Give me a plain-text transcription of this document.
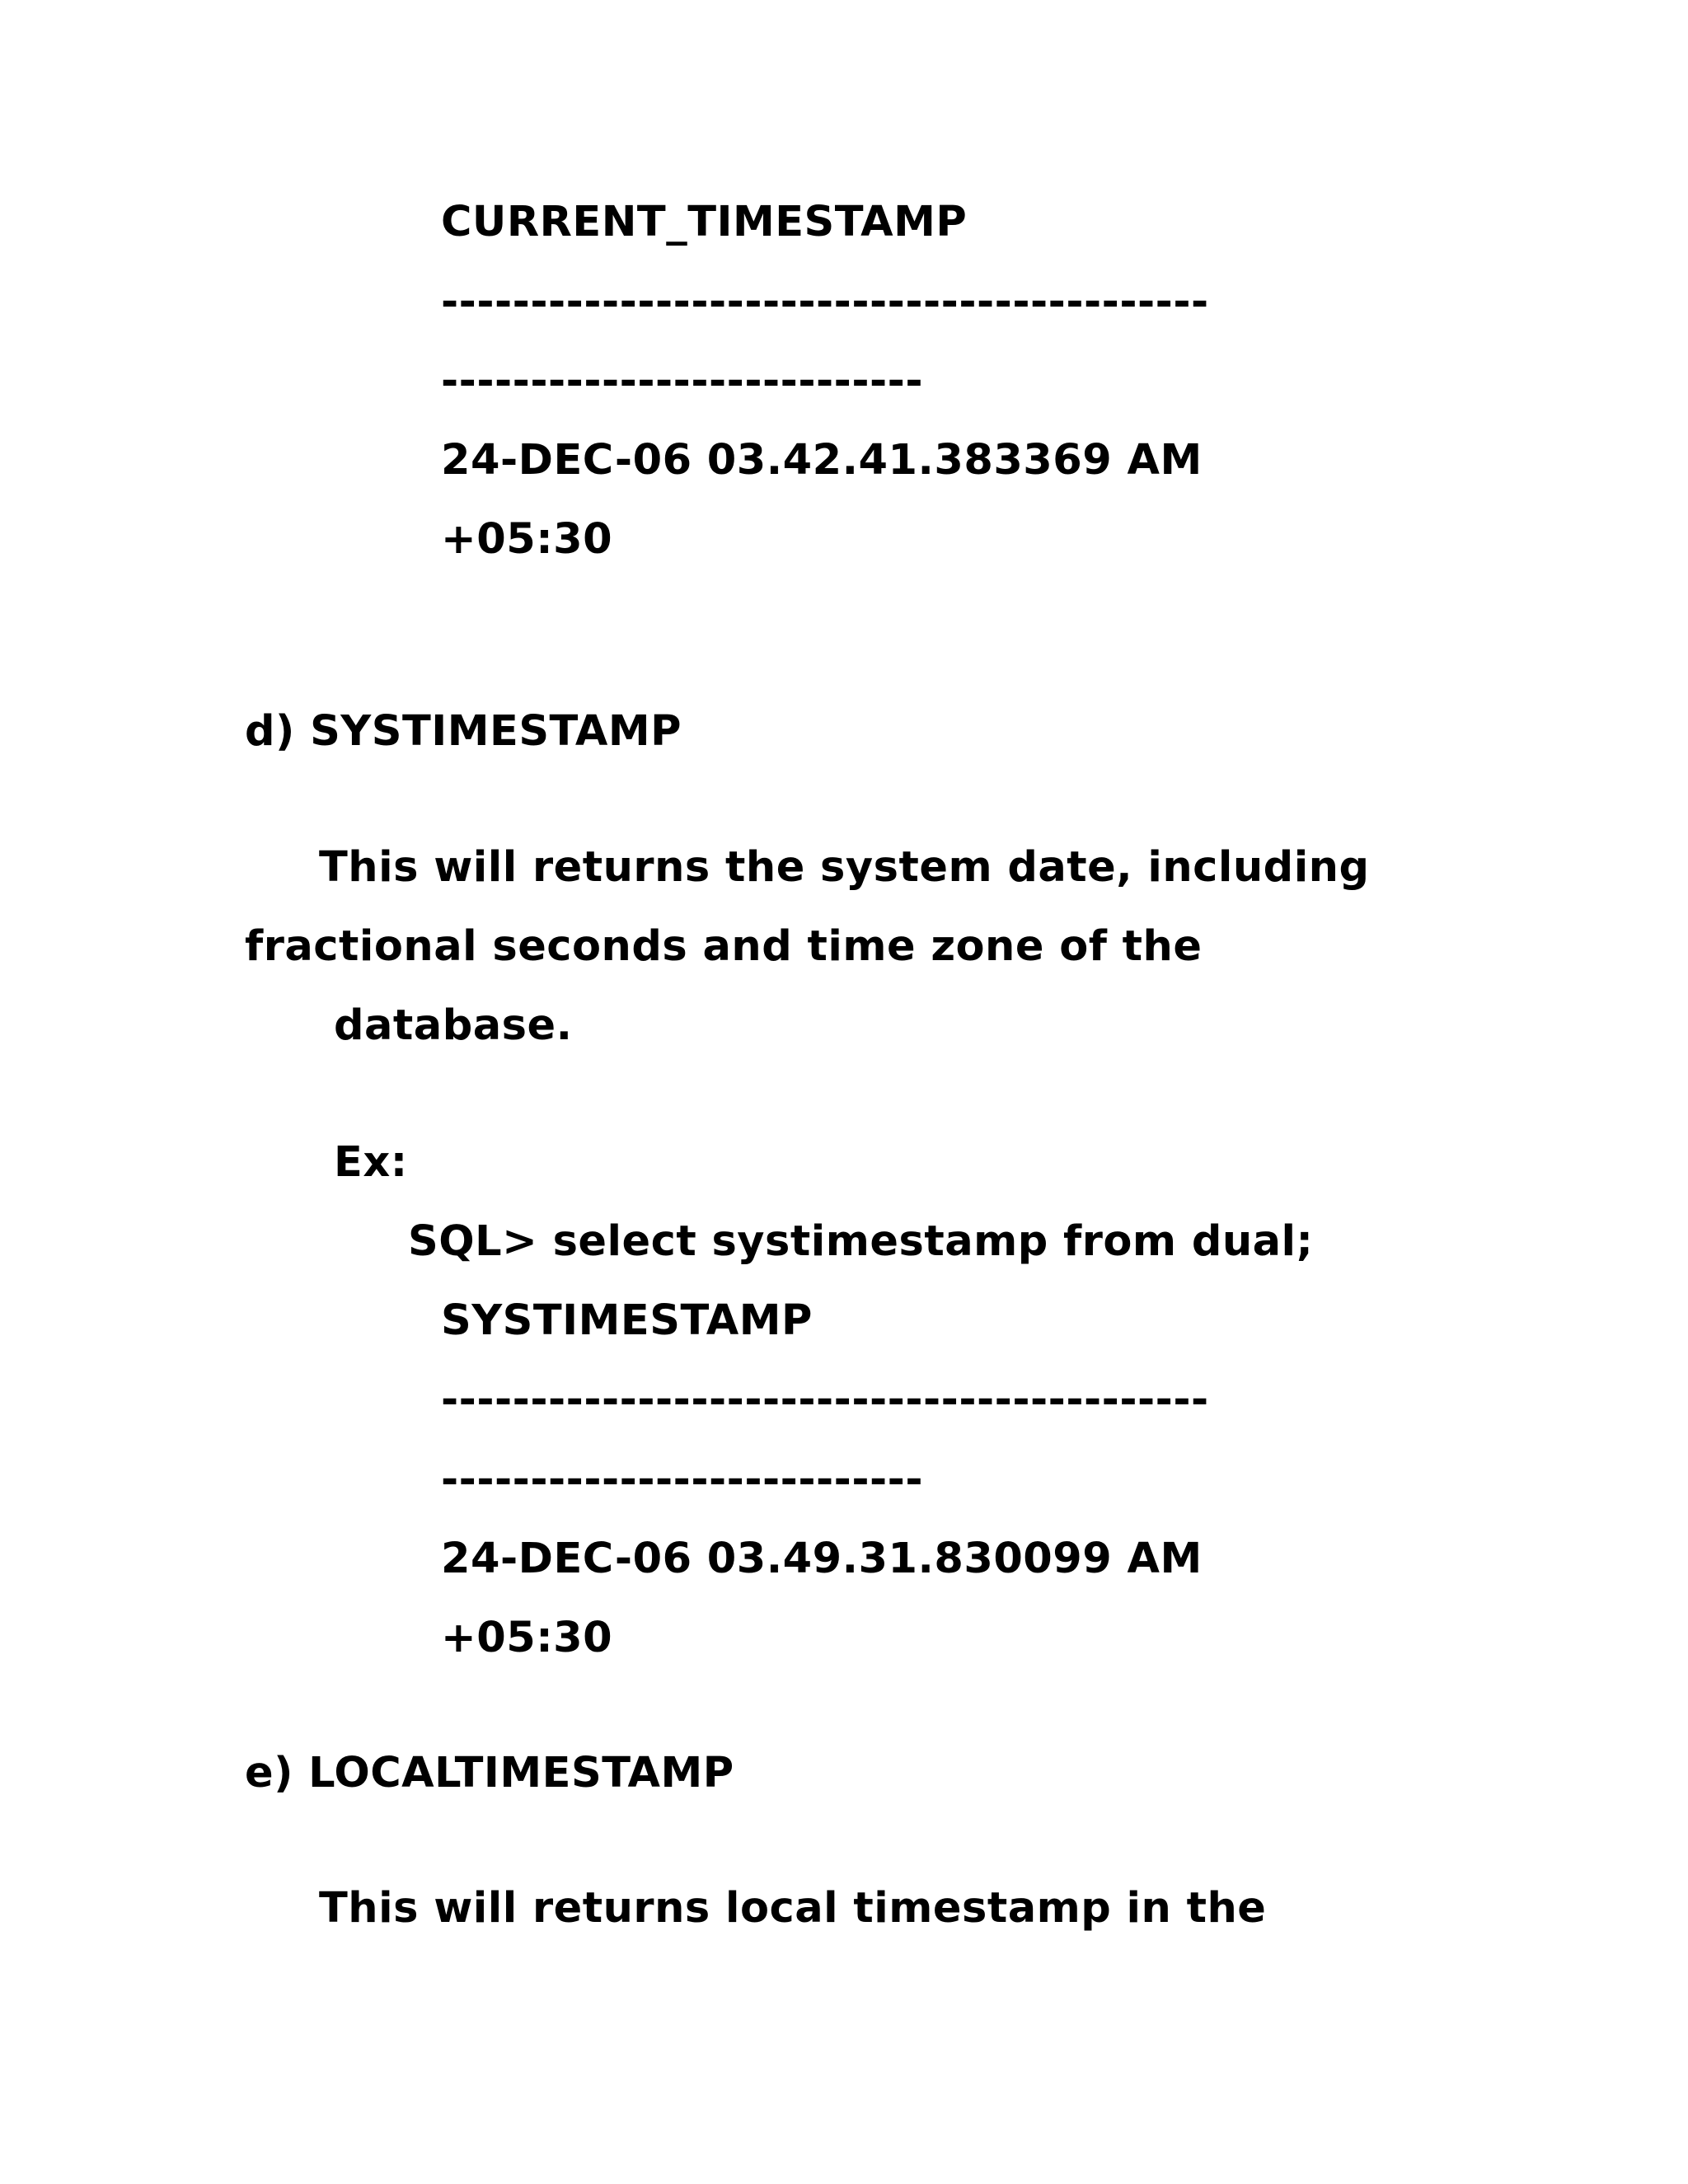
CURRENT_TIMESTAMP
-------------------------------------------
---------------------------
24-DEC-06 03.42.41.383369 AM
+05:30
d) SYSTIMESTAMP
This will returns the system date, including
fractional seconds and time zone of the
database.
Ex:
SQL> select systimestamp from dual;
SYSTIMESTAMP
-------------------------------------------
---------------------------
24-DEC-06 03.49.31.830099 AM
+05:30
e) LOCALTIMESTAMP
This will returns local timestamp in the
